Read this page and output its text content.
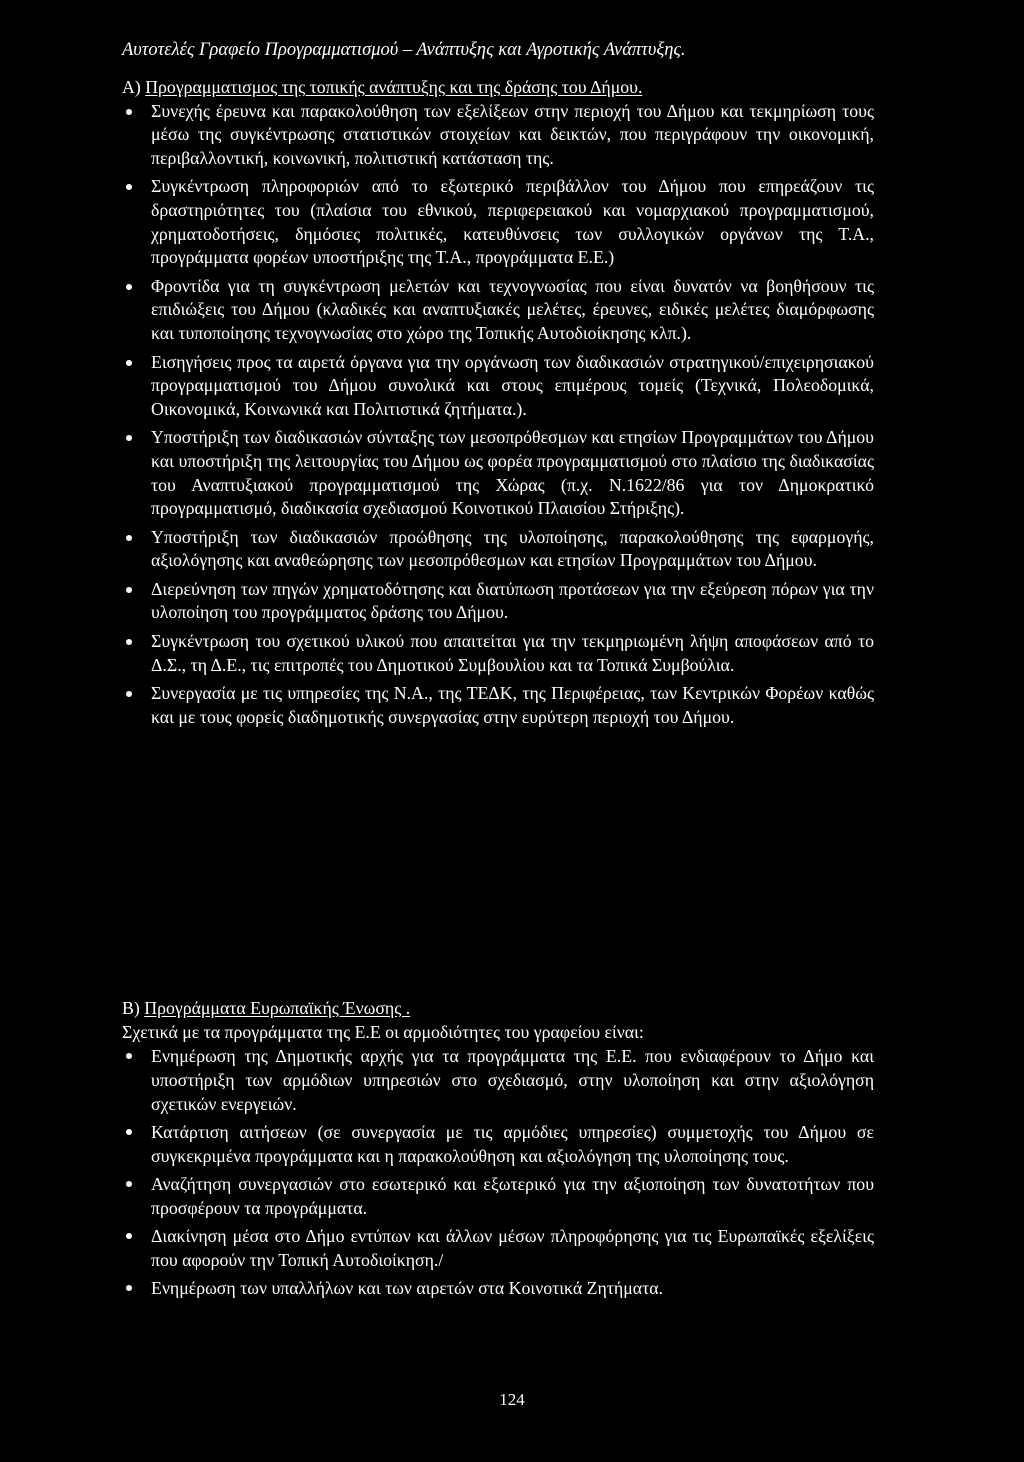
Αυτοτελές Γραφείο Προγραμματισμού – Ανάπτυξης και Αγροτικής Ανάπτυξης.

Α) Προγραμματισμος της τοπικής ανάπτυξης και της δράσης του Δήμου.

Συνεχής έρευνα και παρακολούθηση των εξελίξεων στην περιοχή του Δήμου και τεκμηρίωση τους μέσω της συγκέντρωσης στατιστικών στοιχείων και δεικτών, που περιγράφουν την οικονομική, περιβαλλοντική, κοινωνική, πολιτιστική κατάσταση της.
Συγκέντρωση πληροφοριών από το εξωτερικό περιβάλλον του Δήμου που επηρεάζουν τις δραστηριότητες του (πλαίσια του εθνικού, περιφερειακού και νομαρχιακού προγραμματισμού, χρηματοδοτήσεις, δημόσιες πολιτικές, κατευθύνσεις των συλλογικών οργάνων της Τ.Α., προγράμματα φορέων υποστήριξης της Τ.Α., προγράμματα Ε.Ε.)
Φροντίδα για τη συγκέντρωση μελετών και τεχνογνωσίας που είναι δυνατόν να βοηθήσουν τις επιδιώξεις του Δήμου (κλαδικές και αναπτυξιακές μελέτες, έρευνες, ειδικές μελέτες διαμόρφωσης και τυποποίησης τεχνογνωσίας στο χώρο της Τοπικής Αυτοδιοίκησης κλπ.).
Εισηγήσεις προς τα αιρετά όργανα για την οργάνωση των διαδικασιών στρατηγικού/επιχειρησιακού προγραμματισμού του Δήμου συνολικά και στους επιμέρους τομείς (Τεχνικά, Πολεοδομικά, Οικονομικά, Κοινωνικά και Πολιτιστικά ζητήματα.).
Υποστήριξη των διαδικασιών σύνταξης των μεσοπρόθεσμων και ετησίων Προγραμμάτων του Δήμου και υποστήριξη της λειτουργίας του Δήμου ως φορέα προγραμματισμού στο πλαίσιο της διαδικασίας του Αναπτυξιακού προγραμματισμού της Χώρας (π.χ. Ν.1622/86 για τον Δημοκρατικό προγραμματισμό, διαδικασία σχεδιασμού Κοινοτικού Πλαισίου Στήριξης).
Υποστήριξη των διαδικασιών προώθησης της υλοποίησης, παρακολούθησης της εφαρμογής, αξιολόγησης και αναθεώρησης των μεσοπρόθεσμων και ετησίων Προγραμμάτων του Δήμου.
Διερεύνηση των πηγών χρηματοδότησης και διατύπωση προτάσεων για την εξεύρεση πόρων για την υλοποίηση του προγράμματος δράσης του Δήμου.
Συγκέντρωση του σχετικού υλικού που απαιτείται για την τεκμηριωμένη λήψη αποφάσεων από το Δ.Σ., τη Δ.Ε., τις επιτροπές του Δημοτικού Συμβουλίου και τα Τοπικά Συμβούλια.
Συνεργασία με τις υπηρεσίες της Ν.Α., της ΤΕΔΚ, της Περιφέρειας, των Κεντρικών Φορέων καθώς και με τους φορείς διαδημοτικής συνεργασίας στην ευρύτερη περιοχή του Δήμου.

Β) Προγράμματα Ευρωπαϊκής Ένωσης .

Σχετικά με τα προγράμματα της Ε.Ε οι αρμοδιότητες του γραφείου είναι:

Ενημέρωση της Δημοτικής αρχής για τα προγράμματα της Ε.Ε. που ενδιαφέρουν το Δήμο και υποστήριξη των αρμόδιων υπηρεσιών στο σχεδιασμό, στην υλοποίηση και στην αξιολόγηση σχετικών ενεργειών.
Κατάρτιση αιτήσεων (σε συνεργασία με τις αρμόδιες υπηρεσίες) συμμετοχής του Δήμου σε συγκεκριμένα προγράμματα και η παρακολούθηση και αξιολόγηση της υλοποίησης τους.
Αναζήτηση συνεργασιών στο εσωτερικό και εξωτερικό για την αξιοποίηση των δυνατοτήτων που προσφέρουν τα προγράμματα.
Διακίνηση μέσα στο Δήμο εντύπων και άλλων μέσων πληροφόρησης για τις Ευρωπαϊκές εξελίξεις που αφορούν την Τοπική Αυτοδιοίκηση./
Ενημέρωση των υπαλλήλων και των αιρετών στα Κοινοτικά Ζητήματα.
124
